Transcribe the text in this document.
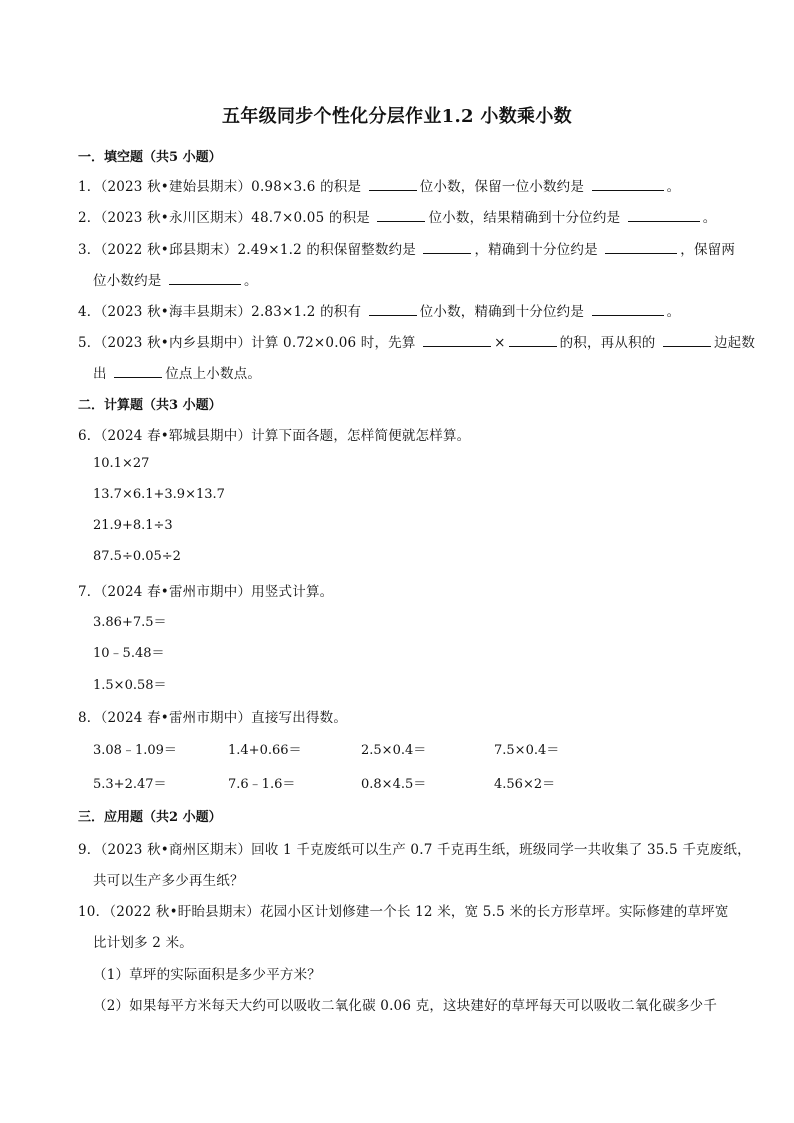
五年级同步个性化分层作业1.2 小数乘小数
一．填空题（共5 小题）
1．（2023 秋•建始县期末）0.98×3.6 的积是	位小数，保留一位小数约是	。
2．（2023 秋•永川区期末）48.7×0.05 的积是	位小数，结果精确到十分位约是	。
3．（2022 秋•邱县期末）2.49×1.2 的积保留整数约是	，精确到十分位约是	，保留两
位小数约是	。
4．（2023 秋•海丰县期末）2.83×1.2 的积有	位小数，精确到十分位约是	。
5．（2023 秋•内乡县期中）计算 0.72×0.06 时，先算	×	的积，再从积的	边起数
出	位点上小数点。
二．计算题（共3 小题）
6．（2024 春•郓城县期中）计算下面各题，怎样简便就怎样算。
10.1×27
13.7×6.1+3.9×13.7
21.9+8.1÷3
87.5÷0.05÷2
7．（2024 春•雷州市期中）用竖式计算。
3.86+7.5＝
10﹣5.48＝
1.5×0.58＝
8．（2024 春•雷州市期中）直接写出得数。
3.08﹣1.09＝	1.4+0.66＝	2.5×0.4＝	7.5×0.4＝
5.3+2.47＝	7.6﹣1.6＝	0.8×4.5＝	4.56×2＝
三．应用题（共2 小题）
9．（2023 秋•商州区期末）回收 1 千克废纸可以生产 0.7 千克再生纸，班级同学一共收集了 35.5 千克废纸，
共可以生产多少再生纸？
10．（2022 秋•盱眙县期末）花园小区计划修建一个长 12 米，宽 5.5 米的长方形草坪。实际修建的草坪宽
比计划多 2 米。
（1）草坪的实际面积是多少平方米？
（2）如果每平方米每天大约可以吸收二氧化碳 0.06 克，这块建好的草坪每天可以吸收二氧化碳多少千
